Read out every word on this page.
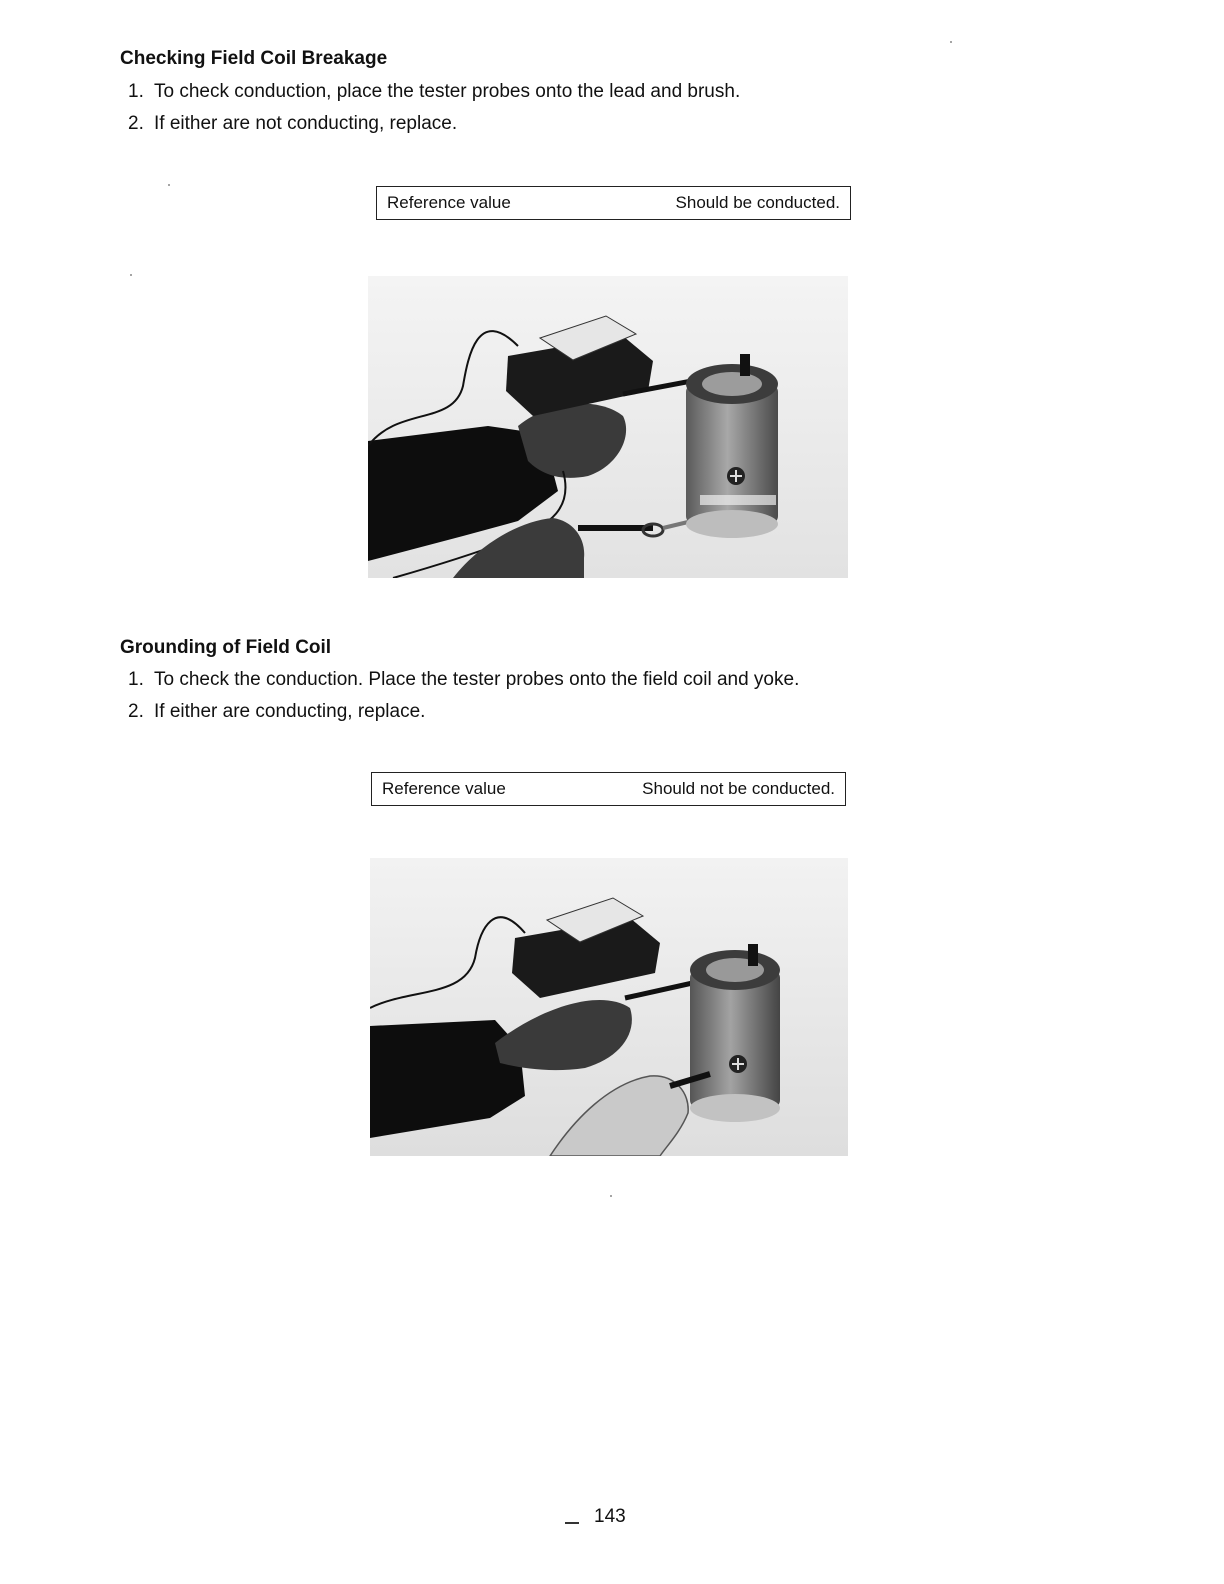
Checking Field Coil Breakage
1. To check conduction, place the tester probes onto the lead and brush.
2. If either are not conducting, replace.
Reference value	Should be conducted.
Grounding of Field Coil
1. To check the conduction. Place the tester probes onto the field coil and yoke.
2. If either are conducting, replace.
Reference value	Should not be conducted.
143
